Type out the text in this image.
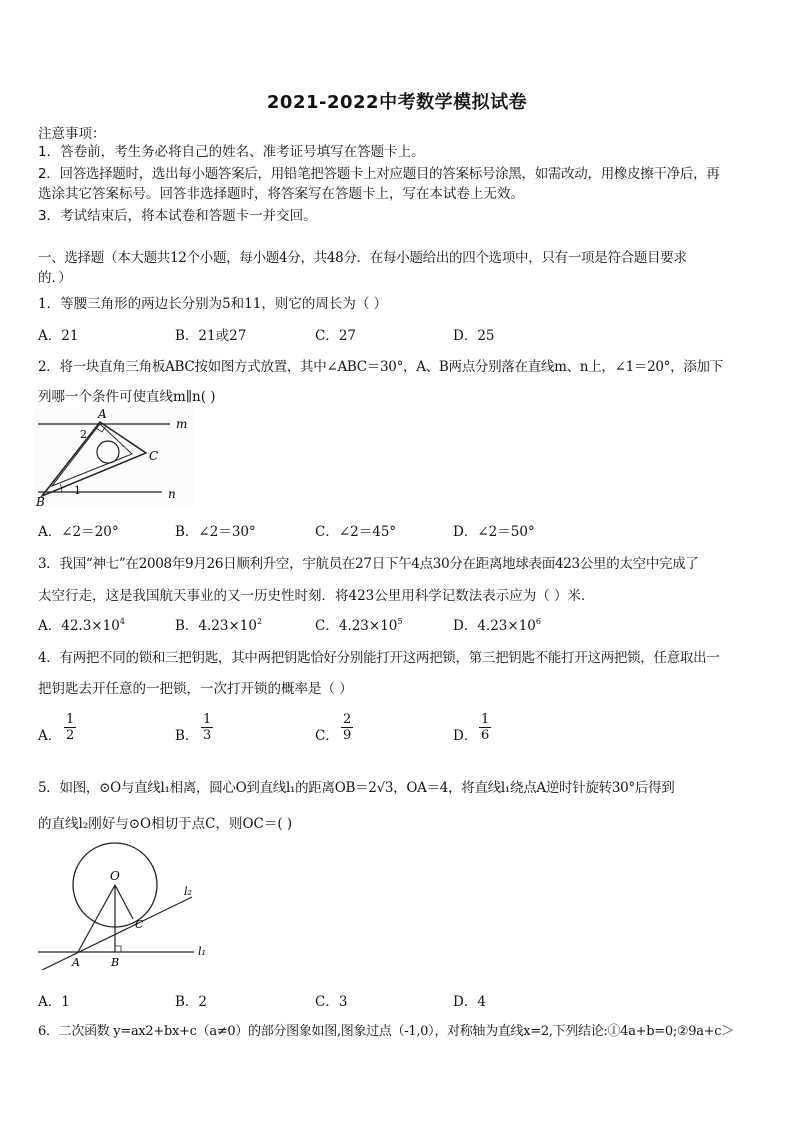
2021-2022中考数学模拟试卷
注意事项：
1．答卷前，考生务必将自己的姓名、准考证号填写在答题卡上。
2．回答选择题时，选出每小题答案后，用铅笔把答题卡上对应题目的答案标号涂黑，如需改动，用橡皮擦干净后，再
选涂其它答案标号。回答非选择题时，将答案写在答题卡上，写在本试卷上无效。
3．考试结束后，将本试卷和答题卡一并交回。
一、选择题（本大题共12个小题，每小题4分，共48分．在每小题给出的四个选项中，只有一项是符合题目要求
的．）
1．等腰三角形的两边长分别为5和11，则它的周长为（ ）
A．21	B．21或27	C．27	D．25
2．将一块直角三角板ABC按如图方式放置，其中∠ABC＝30°，A、B两点分别落在直线m、n上，∠1＝20°，添加下
列哪一个条件可使直线m∥n( )
A
B
C
m
n
1
2
A．∠2＝20°	B．∠2＝30°	C．∠2＝45°	D．∠2＝50°
3．我国“神七”在2008年9月26日顺利升空，宇航员在27日下午4点30分在距离地球表面423公里的太空中完成了
太空行走，这是我国航天事业的又一历史性时刻．将423公里用科学记数法表示应为（ ）米．
A．$42.3\times 10^4$	B．$4.23\times 10^2$	C．$4.23\times 10^5$	D．$4.23\times 10^6$
4．有两把不同的锁和三把钥匙，其中两把钥匙恰好分别能打开这两把锁，第三把钥匙不能打开这两把锁，任意取出一
把钥匙去开任意的一把锁，一次打开锁的概率是（ ）
A． $\frac{1}{2}$	B． $\frac{1}{3}$	C． $\frac{2}{9}$	D． $\frac{1}{6}$
5．如图，⊙O与直线l₁相离，圆心O到直线l₁的距离OB＝2√3，OA＝4，将直线l₁绕点A逆时针旋转30°后得到
的直线l₂刚好与⊙O相切于点C，则OC＝( )
O
A	B
C
l₁
l₂
A．1	B．2	C．3	D．4
6．二次函数 y=ax2+bx+c（a≠0）的部分图象如图,图象过点（-1,0），对称轴为直线x=2,下列结论:①4a+b=0;②9a+c＞
